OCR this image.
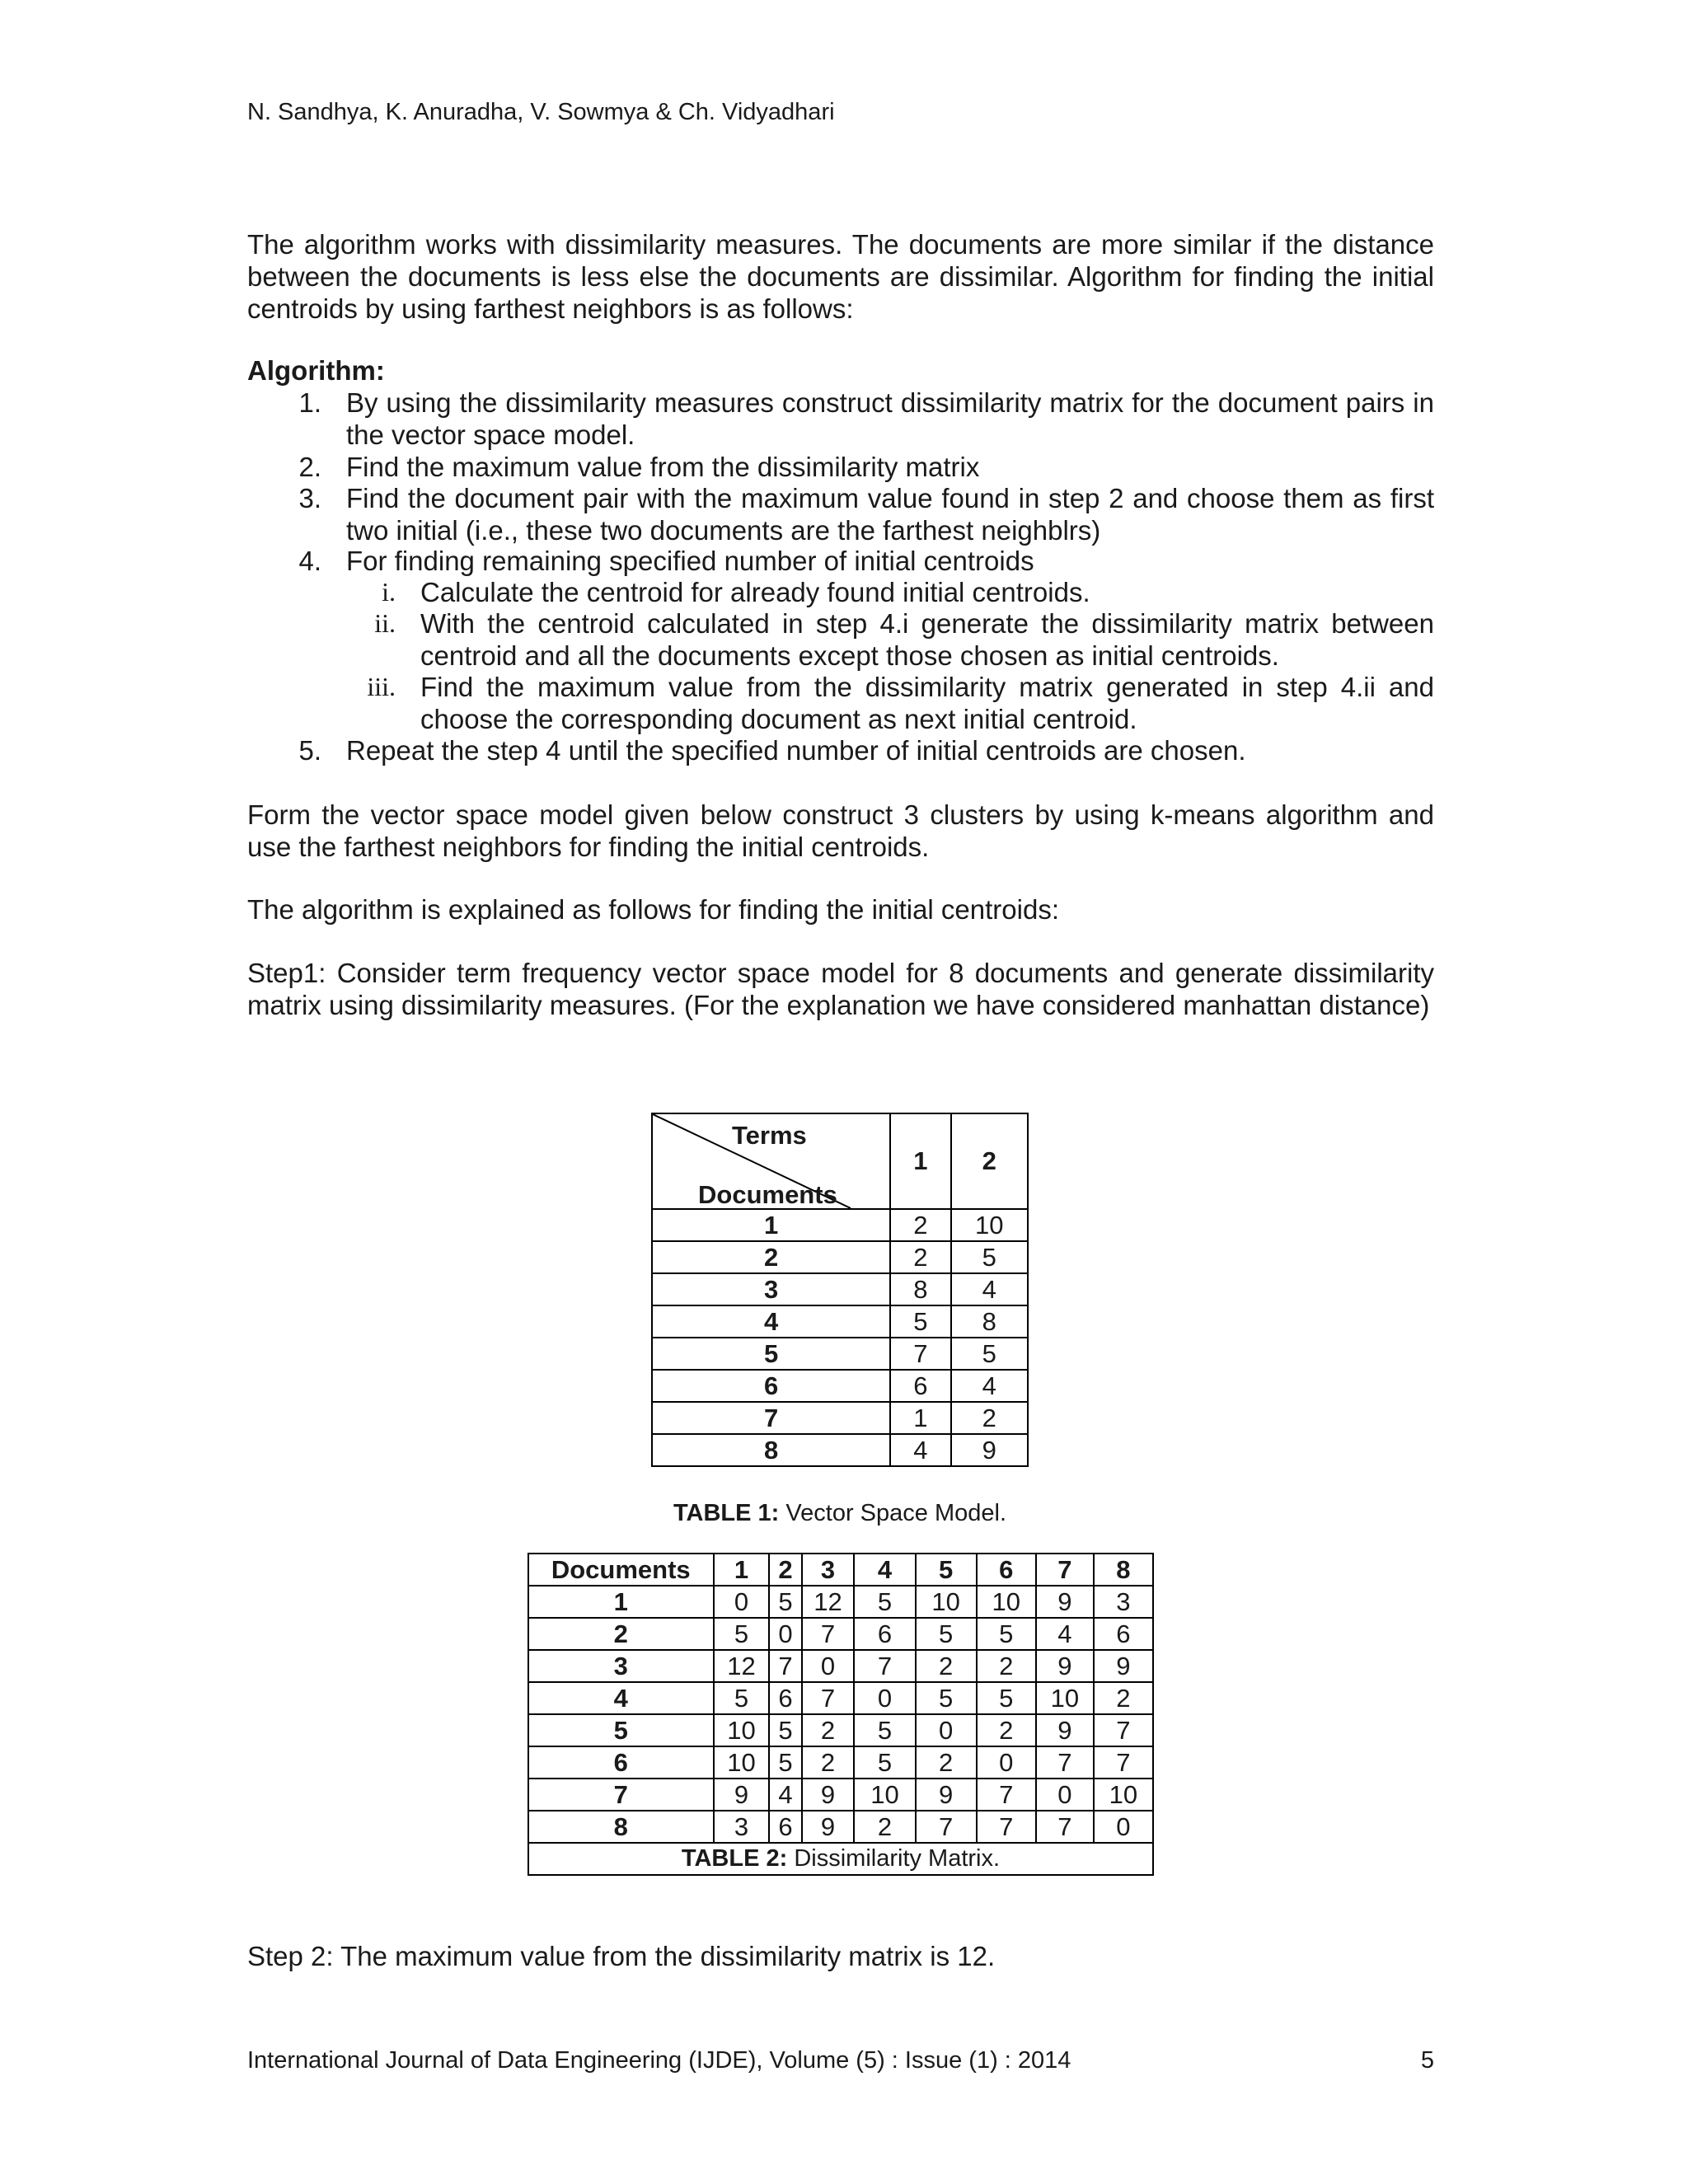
N. Sandhya, K. Anuradha, V. Sowmya & Ch. Vidyadhari
The algorithm works with dissimilarity measures. The documents are more similar if the distance between the documents is less else the documents are dissimilar. Algorithm for finding the initial centroids by using farthest neighbors is as follows:
Algorithm:
1. By using the dissimilarity measures construct dissimilarity matrix for the document pairs in the vector space model.
2. Find the maximum value from the dissimilarity matrix
3. Find the document pair with the maximum value found in step 2 and choose them as first two initial (i.e., these two documents are the farthest neighblrs)
4. For finding remaining specified number of initial centroids
i. Calculate the centroid for already found initial centroids.
ii. With the centroid calculated in step 4.i generate the dissimilarity matrix between centroid and all the documents except those chosen as initial centroids.
iii. Find the maximum value from the dissimilarity matrix generated in step 4.ii and choose the corresponding document as next initial centroid.
5. Repeat the step 4 until the specified number of initial centroids are chosen.
Form the vector space model given below construct 3 clusters by using k-means algorithm and use the farthest neighbors for finding the initial centroids.
The algorithm is explained as follows for finding the initial centroids:
Step1: Consider term frequency vector space model for 8 documents and generate dissimilarity matrix using dissimilarity measures. (For the explanation we have considered manhattan distance)
Terms
Documents	1	2
1	2	10
2	2	5
3	8	4
4	5	8
5	7	5
6	6	4
7	1	2
8	4	9
TABLE 1: Vector Space Model.
Documents	1	2	3	4	5	6	7	8
1	0	5	12	5	10	10	9	3
2	5	0	7	6	5	5	4	6
3	12	7	0	7	2	2	9	9
4	5	6	7	0	5	5	10	2
5	10	5	2	5	0	2	9	7
6	10	5	2	5	2	0	7	7
7	9	4	9	10	9	7	0	10
8	3	6	9	2	7	7	7	0
TABLE 2: Dissimilarity Matrix.								
Step 2: The maximum value from the dissimilarity matrix is 12.
International Journal of Data Engineering (IJDE), Volume (5) : Issue (1) : 2014	5
